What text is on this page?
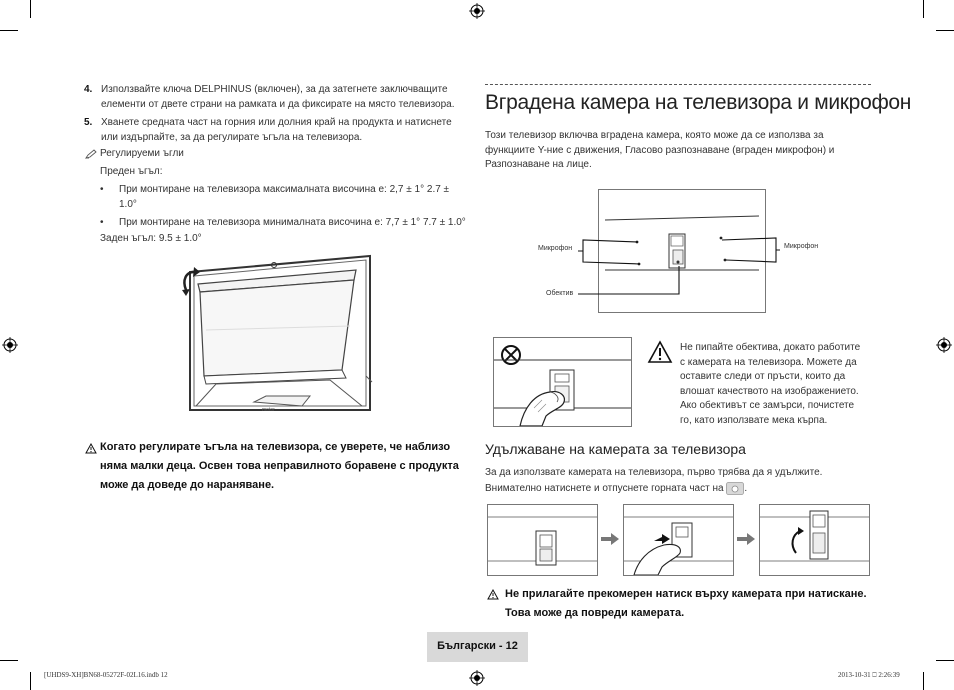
4. Използвайте ключа DELPHINUS (включен), за да затегнете заключващите елементи от двете страни на рамката и да фиксирате на място телевизора.
5. Хванете средната част на горния или долния край на продукта и натиснете или издърпайте, за да регулирате ъгъла на телевизора.
Регулируеми ъгли
Преден ъгъл:
• При монтиране на телевизора максималната височина е: 2,7 ± 1° 2.7 ± 1.0°
• При монтиране на телевизора минималната височина е: 7,7 ± 1° 7.7 ± 1.0°
Заден ъгъл: 9.5 ± 1.0°
motor
Когато регулирате ъгъла на телевизора, се уверете, че наблизо няма малки деца. Освен това неправилното боравене с продукта може да доведе до нараняване.
Вградена камера на телевизора и микрофон
Този телевизор включва вградена камера, която може да се използва за функциите Y-ние с движения, Гласово разпознаване (вграден микрофон) и Разпознаване на лице.
Микрофон	Микрофон
Обектив
Не пипайте обектива, докато работите с камерата на телевизора. Можете да оставите следи от пръсти, които да влошат качеството на изображението. Ако обективът се замърси, почистете го, като използвате мека кърпа.
Удължаване на камерата за телевизора
За да използвате камерата на телевизора, първо трябва да я удължите. Внимателно натиснете и отпуснете горната част на .
Не прилагайте прекомерен натиск върху камерата при натискане. Това може да повреди камерата.
Български - 12
[UHDS9-XH]BN68-05272F-02L16.indb 12	2013-10-31 ⎕ 2:26:39
